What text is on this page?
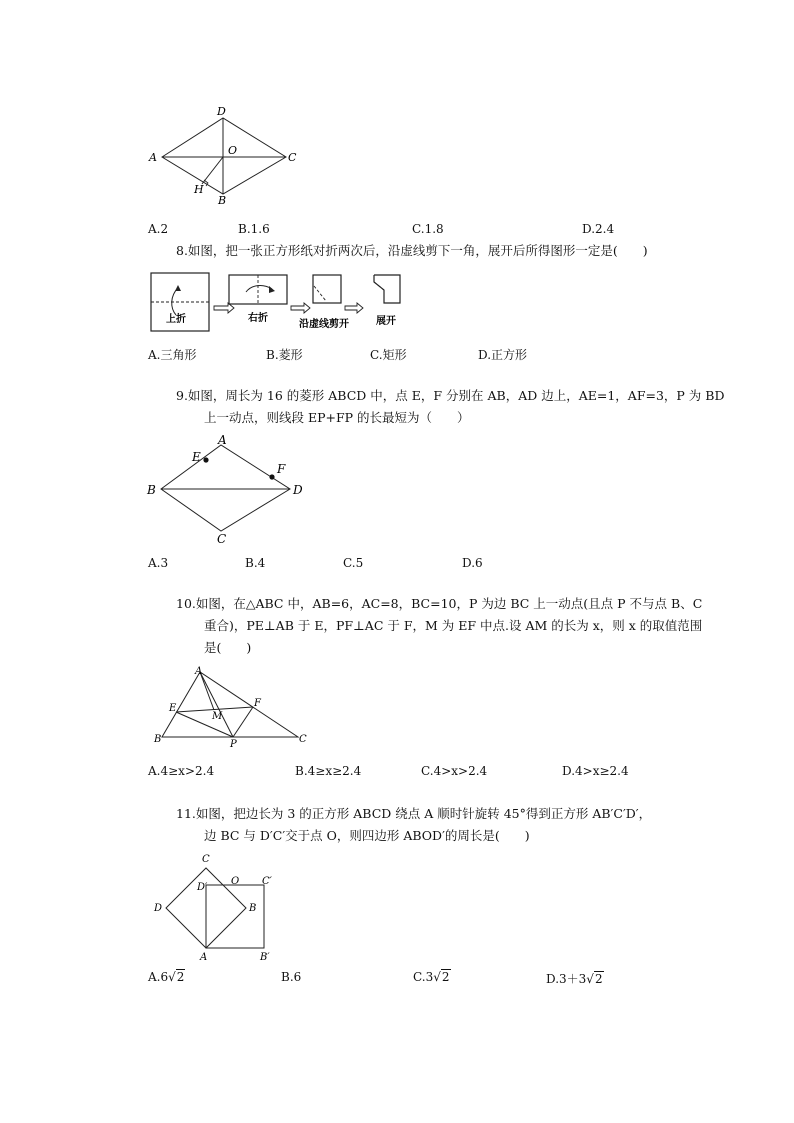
D
A
O
C
H
B
A.2	B.1.6	C.1.8	D.2.4
8.如图，把一张正方形纸对折两次后，沿虚线剪下一角，展开后所得图形一定是(　　)
上折	右折
沿虚线剪开	展开
A.三角形	B.菱形	C.矩形	D.正方形
9.如图，周长为 16 的菱形 ABCD 中，点 E，F 分别在 AB，AD 边上，AE=1，AF=3，P 为 BD
上一动点，则线段 EP+FP 的长最短为（　　）
A
E
F
B	D
C
A.3	B.4	C.5	D.6
10.如图，在△ABC 中，AB=6，AC=8，BC=10，P 为边 BC 上一动点(且点 P 不与点 B、C
重合)，PE⊥AB 于 E，PF⊥AC 于 F，M 为 EF 中点.设 AM 的长为 x，则 x 的取值范围
是(　　)
A
E	F
M
B	P	C
A.4≥x>2.4	B.4≥x≥2.4	C.4>x>2.4	D.4>x≥2.4
11.如图，把边长为 3 的正方形 ABCD 绕点 A 顺时针旋转 45°得到正方形 AB′C′D′，
边 BC 与 D′C′交于点 O，则四边形 ABOD′的周长是(　　)
C
D′
O C′
D	B
A	B′
A.6√2	B.6	C.3√2	D.3＋3√2
